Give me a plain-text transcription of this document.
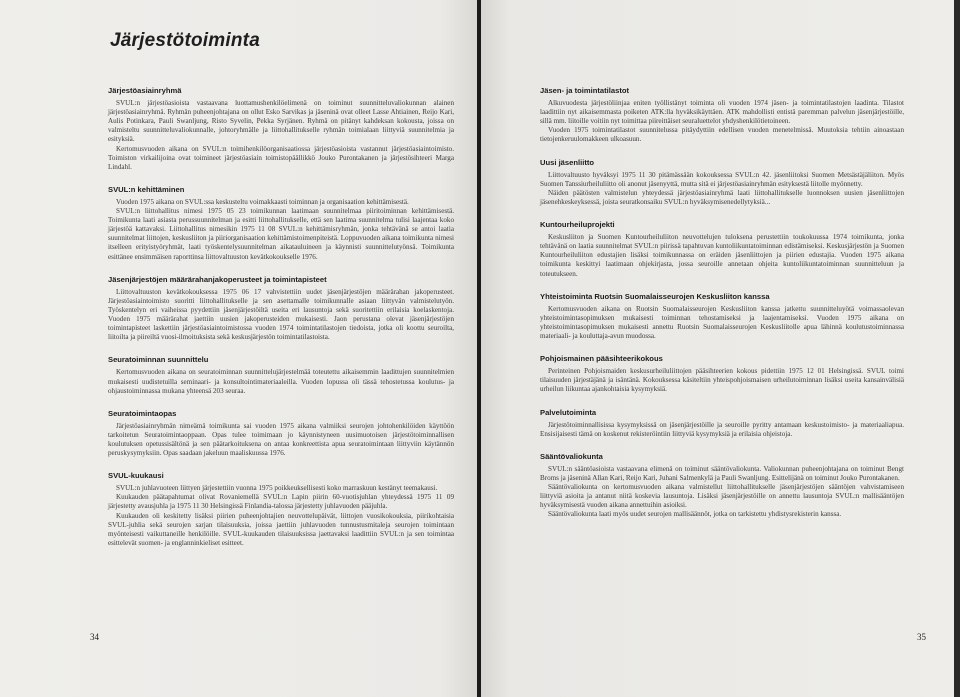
Järjestötoiminta
Järjestöasiainryhmä

SVUL:n järjestöasioista vastaavana luottamushenkilöelimenä on toiminut suunnitteluvaliokunnan alainen järjestöasiainryhmä. Ryhmän puheenjohtajana on ollut Esko Sarvikas ja jäseninä ovat olleet Lasse Ahtiainen, Reijo Kari, Aulis Potinkara, Pauli Swanljung, Risto Syvelin, Pekka Syrjänen. Ryhmä on pitänyt kahdeksan kokousta, joissa on valmisteltu suunnitteluvaliokunnalle, johtoryhmälle ja liittohallitukselle ryhmän toimialaan liittyviä suunnitelmia ja esityksiä.

Kertomusvuoden aikana on SVUL:n toimihenkilöorganisaatiossa järjestöasioista vastannut järjestöasiaintoimisto. Toimiston virkailijoina ovat toimineet järjestöasiain toimistopäällikkö Jouko Purontakanen ja järjestösihteeri Marga Lindahl.

SVUL:n kehittäminen

Vuoden 1975 aikana on SVUL:ssa keskusteltu voimakkaasti toiminnan ja organisaation kehittämisestä.

SVUL:n liittohallitus nimesi 1975 05 23 toimikunnan laatimaan suunnitelmaa piiritoiminnan kehittämisestä. Toimikunta laati asiasta perussuunnitelman ja esitti liittohallitukselle, että sen laatima suunnitelma tulisi laajentaa koko järjestöä kattavaksi. Liittohallitus nimesikin 1975 11 08 SVUL:n kehittämisryhmän, jonka tehtävänä se antoi laatia suunnitelmat liittojen, keskusliiton ja piiriorganisaation kehittämistoimenpiteistä. Loppuvuoden aikana toimikunta nimesi itselleen erityistyöryhmät, laati työskentelysuunnitelman aikatauluineen ja käynnisti suunnittelutyönsä. Toimikunta esittänee ensimmäisen raporttinsa liittovaltuuston kevätkokoukselle 1976.

Jäsenjärjestöjen määrärahanjakoperusteet ja toimintapisteet

Liittovaltuuston kevätkokouksessa 1975 06 17 vahvistettiin uudet jäsenjärjestöjen määrärahan jakoperusteet. Järjestöasiaintoimisto suoritti liittohallitukselle ja sen asettamalle toimikunnalle asiaan liittyvän valmistelutyön. Työskentelyn eri vaiheissa pyydettiin jäsenjärjestöiltä useita eri lausuntoja sekä suoritettiin erilaisia koelaskentoja. Vuoden 1975 määrärahat jaettiin uusien jakoperusteiden mukaisesti. Jaon perustana olevat jäsenjärjestöjen toimintapisteet laskettiin järjestöasiaintoimistossa vuoden 1974 toimintatilastojen tiedoista, jotka oli koottu seuroilta, liitoilta ja piireiltä vuosi-ilmoituksista sekä keskusjärjestön toimintatilastoista.

Seuratoiminnan suunnittelu

Kertomusvuoden aikana on seuratoiminnan suunnittelujärjestelmää toteutettu aikaisemmin laadittujen suunnitelmien mukaisesti uudistetuilla seminaari- ja konsultointimateriaaleilla. Vuoden lopussa oli tässä tehostetussa koulutus- ja ohjaustoiminnassa mukana yhteensä 203 seuraa.

Seuratoimintaopas

Järjestöasiainryhmän nimeämä toimikunta sai vuoden 1975 aikana valmiiksi seurojen johtohenkilöiden käyttöön tarkoitetun Seuratoimintaoppaan. Opas tulee toimimaan jo käynnistyneen uusimuotoisen järjestötoiminnallisen koulutuksen opetussisältönä ja sen päätarkoituksena on antaa konkreettista apua seuratoimintaan liittyviin käytännön peruskysymyksiin. Opas saadaan jakeluun maaliskuussa 1976.

SVUL-kuukausi

SVUL:n juhlavuoteen liittyen järjestettiin vuonna 1975 poikkeuksellisesti koko marraskuun kestänyt teemakausi.

Kuukauden päätapahtumat olivat Rovaniemellä SVUL:n Lapin piirin 60-vuotisjuhlan yhteydessä 1975 11 09 järjestetty avausjuhla ja 1975 11 30 Helsingissä Finlandia-talossa järjestetty juhlavuoden pääjuhla.

Kuukauden oli keskitetty lisäksi piirien puheenjohtajien neuvottelupäivät, liittojen vuosikokouksia, piirikohtaisia SVUL-juhlia sekä seurojen sarjan tilaisuuksia, joissa jaettiin juhlavuoden tunnustusmitaleja seurojen toimintaan myönteisesti vaikuttaneille henkilöille. SVUL-kuukauden tilaisuuksissa jaettavaksi laadittiin SVUL:n ja sen toimintaa esittelevät suomen- ja englanninkieliset esitteet.

34

Jäsen- ja toimintatilastot

Alkuvuodesta järjestöliinjaa eniten työllistänyt toiminta oli vuoden 1974 jäsen- ja toimintatilastojen laadinta. Tilastot laadittiin nyt aikaisemmasta poiketen ATK:lla hyväksikäyttäen. ATK mahdollisti entistä paremman palvelun jäsenjärjestöille, sillä mm. liitoille voitiin nyt toimittaa piireittäiset seuraluettelot yhdyshenkilötietoineen.

Vuoden 1975 toimintatilastot suunnitelussa pitäydyttiin edellisen vuoden menetelmissä. Muutoksia tehtiin ainoastaan tietojenkeruulomakkeen ulkoasuun.

Uusi jäsenliitto

Liittovaltuusto hyväksyi 1975 11 30 pitämässään kokouksessa SVUL:n 42. jäsenliitoksi Suomen Metsästäjäliiton. Myös Suomen Tanssiurheiluliitto oli anonut jäsenyyttä, mutta sitä ei järjestöasiainryhmän esityksestä liitolle myönnetty.

Näiden päätösten valmistelun yhteydessä järjestöasiainryhmä laati liittohallitukselle luonnoksen uusien jäsenliittojen jäsenehkeskeyksessä, joista seuratkonsaiku SVUL:n hyväksymisenedellytyksiä...

Kuntourheiluprojekti

Keskusliiton ja Suomen Kuntourheiluliiton neuvottelujen tuloksena perustettiin toukokuussa 1974 toimikunta, jonka tehtävänä on laatia suunnitelmat SVUL:n piirissä tapahtuvan kuntoliikuntatoiminnan edistämiseksi. Keskusjärjestön ja Suomen Kuntourheiluliiton edustajien lisäksi toimikunnassa on eräiden jäsenliittojen ja piirien edustajia. Vuoden 1975 aikana toimikunta keskittyi laatimaan ohjekirjasta, jossa seuroille annetaan ohjeita kuntoliikuntatoiminnan suunnitteluun ja toteutukseen.

Yhteistoiminta Ruotsin Suomalaisseurojen Keskusliiton kanssa

Kertomusvuoden aikana on Ruotsin Suomalaisseurojen Keskusliiton kanssa jatkettu suunnitteluyötä voimassaolevan yhteistoimintasopimuksen mukaisesti toiminnan tehostamiseksi ja laajentamiseksi. Vuoden 1975 aikana on yhteistoimintasopimuksen mukaisesti annettu Ruotsin Suomalaisseurojen Keskusliitolle apua lähinnä koulutustoiminnassa materiaali- ja kouluttaja-avun muodossa.

Pohjoismainen pääsihteerikokous

Perinteinen Pohjoismaiden keskusurheiluliittojen pääsihteerien kokous pidettiin 1975 12 01 Helsingissä. SVUL toimi tilaisuuden järjestäjänä ja isäntänä. Kokouksessa käsiteltiin yhteispohjoismaisen urheilutoiminnan lisäksi useita kansainvälisiä urheilun liikuntaa ajankohtaisia kysymyksiä.

Palvelutoiminta

Järjestötoiminnallisissa kysymyksissä on jäsenjärjestöille ja seuroille pyritty antamaan keskustoimisto- ja materiaaliapua. Ensisijaisesti tämä on koskenut rekisteröintiin liittyviä kysymyksiä ja erilaisia ohjeistoja.

Sääntövaliokunta

SVUL:n sääntöasioista vastaavana elimenä on toiminut sääntövaliokunta. Valiokunnan puheenjohtajana on toiminut Bengt Broms ja jäseninä Allan Kari, Reijo Kari, Juhani Salmenkylä ja Pauli Swanljung. Esittelijänä on toiminut Jouko Purontakanen.

Sääntövaliokunta on kertomusvuoden aikana valmistellut liittohallitukselle jäsenjärjestöjen sääntöjen vahvistamiseen liittyviä asioita ja antanut niitä koskevia lausuntoja. Lisäksi jäsenjärjestöille on annettu lausuntoja SVUL:n mallisääntöjen hyväksymisestä vuoden aikana annettuihin asioiksi.

Sääntövaliokunta laati myös uudet seurojen mallisäännöt, jotka on tarkistettu yhdistysrekisterin kanssa.

35
